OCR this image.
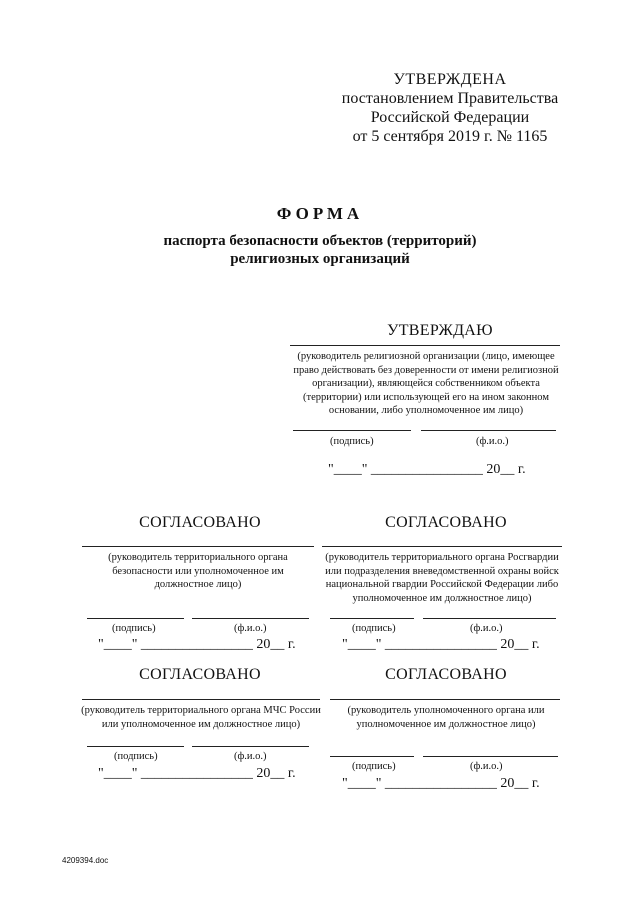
УТВЕРЖДЕНА
постановлением Правительства
Российской Федерации
от 5 сентября 2019 г. № 1165
ФОРМА
паспорта безопасности объектов (территорий)
религиозных организаций
УТВЕРЖДАЮ
(руководитель религиозной организации (лицо, имеющее право действовать без доверенности от имени религиозной организации), являющейся собственником объекта (территории) или использующей его на ином законном основании, либо уполномоченное им лицо)
(подпись)	(ф.и.о.)
"____" ________________ 20__ г.
СОГЛАСОВАНО
(руководитель территориального органа безопасности или уполномоченное им должностное лицо)
(подпись)	(ф.и.о.)
"____" ________________ 20__ г.
СОГЛАСОВАНО
(руководитель территориального органа Росгвардии или подразделения вневедомственной охраны войск национальной гвардии Российской Федерации либо уполномоченное им должностное лицо)
(подпись)	(ф.и.о.)
"____" ________________ 20__ г.
СОГЛАСОВАНО
(руководитель территориального органа МЧС России или уполномоченное им должностное лицо)
(подпись)	(ф.и.о.)
"____" ________________ 20__ г.
СОГЛАСОВАНО
(руководитель уполномоченного органа или уполномоченное им должностное лицо)
(подпись)	(ф.и.о.)
"____" ________________ 20__ г.
4209394.doc
